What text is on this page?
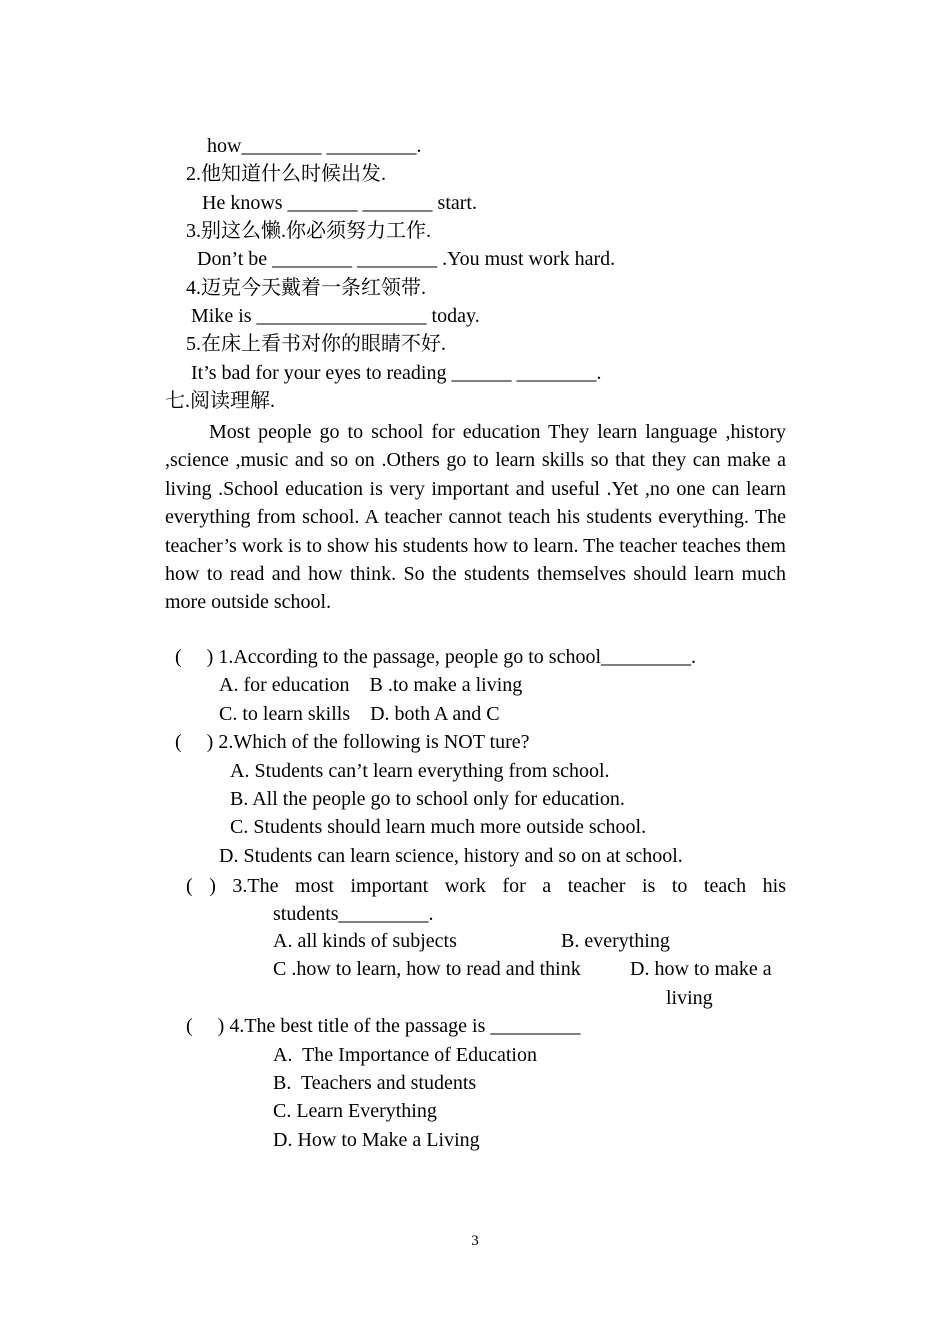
how________ _________.
2.他知道什么时候出发.
He knows _______ _______ start.
3.别这么懒.你必须努力工作.
Don’t be ________ ________ .You must work hard.
4.迈克今天戴着一条红领带.
Mike is _________________ today.
5.在床上看书对你的眼睛不好.
It’s bad for your eyes to reading ______ ________.
七.阅读理解.
Most people go to school for education They learn language ,history ,science ,music and so on .Others go to learn skills so that they can make a living .School education is very important and useful .Yet ,no one can learn everything from school. A teacher cannot teach his students everything. The teacher’s work is to show his students how to learn. The teacher teaches them how to read and how think. So the students themselves should learn much more outside school.
(     ) 1.According to the passage, people go to school_________.
A. for education    B .to make a living
C. to learn skills    D. both A and C
(     ) 2.Which of the following is NOT ture?
A. Students can’t learn everything from school.
B. All the people go to school only for education.
C. Students should learn much more outside school.
D. Students can learn science, history and so on at school.
( ) 3.The most important work for a teacher is to teach his students_________.
A. all kinds of subjects	B. everything
C .how to learn, how to read and think D. how to make a
living
(     ) 4.The best title of the passage is _________
A.  The Importance of Education
B.  Teachers and students
C. Learn Everything
D. How to Make a Living
3
